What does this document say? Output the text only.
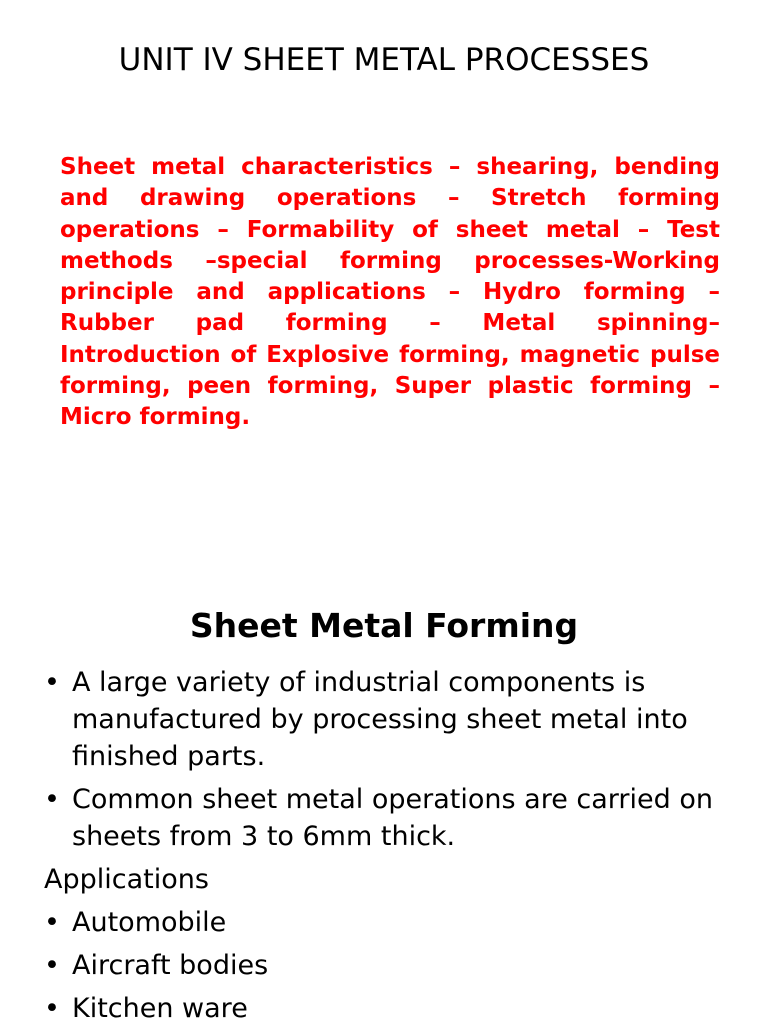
UNIT IV SHEET METAL PROCESSES

Sheet metal characteristics – shearing, bending and drawing operations – Stretch forming operations – Formability of sheet metal – Test methods –special forming processes-Working principle and applications – Hydro forming – Rubber pad forming – Metal spinning– Introduction of Explosive forming, magnetic pulse forming, peen forming, Super plastic forming – Micro forming.

Sheet Metal Forming
• A large variety of industrial components is manufactured by processing sheet metal into finished parts.
• Common sheet metal operations are carried on sheets from 3 to 6mm thick.
Applications
• Automobile
• Aircraft bodies
• Kitchen ware
